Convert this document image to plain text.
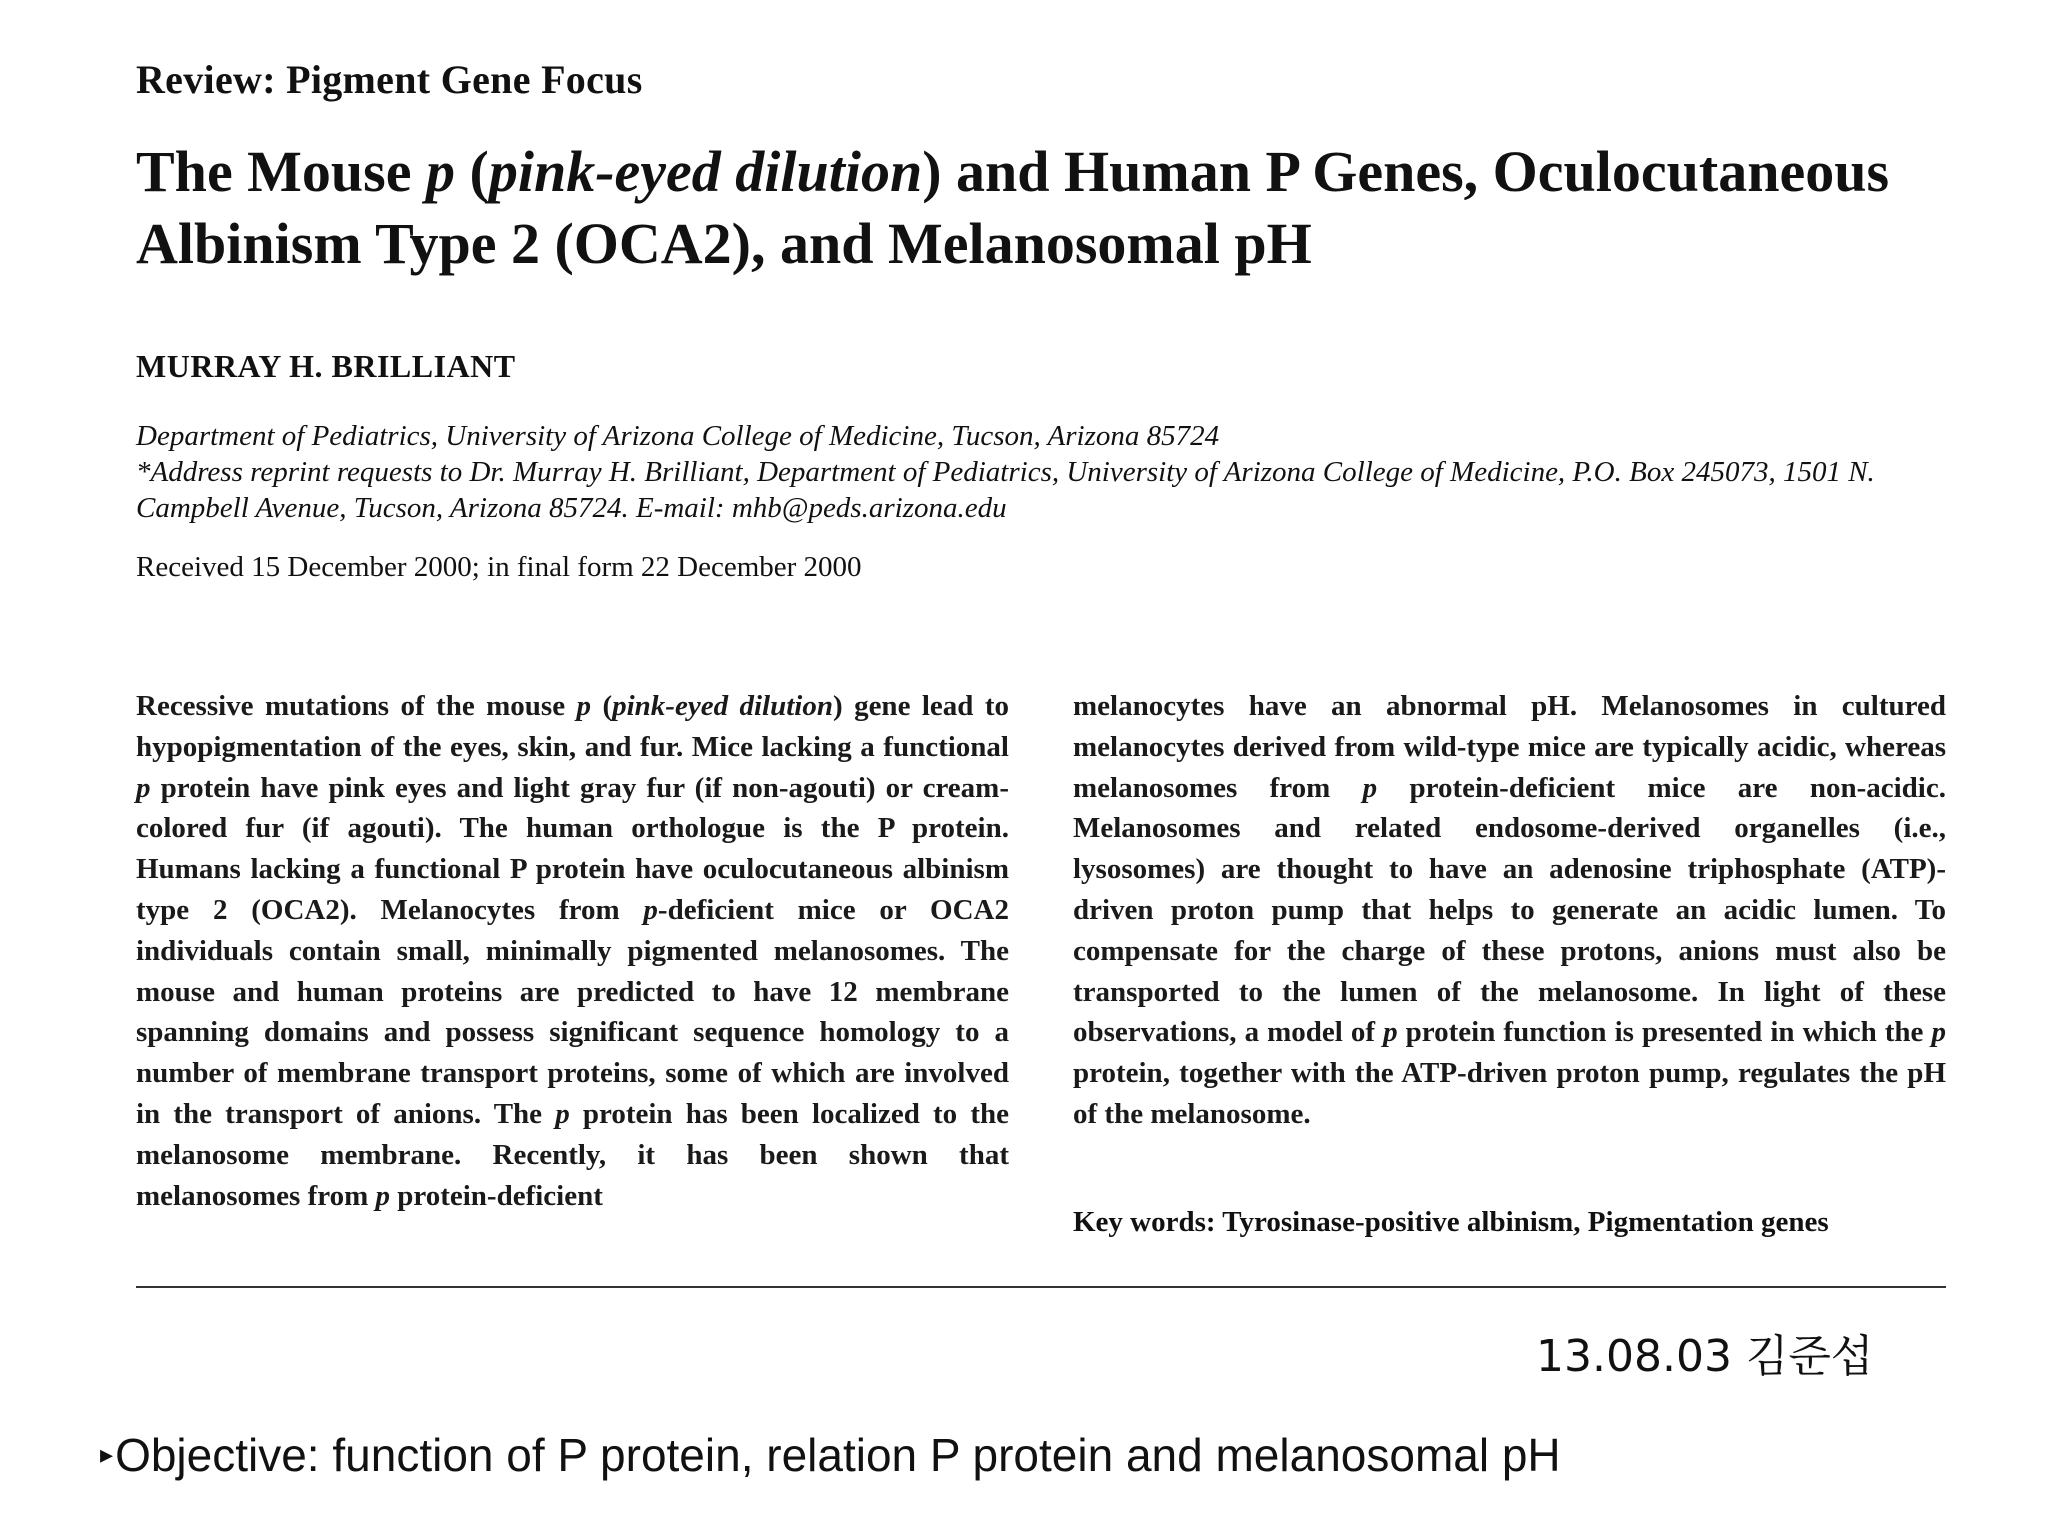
Review: Pigment Gene Focus
The Mouse p (pink-eyed dilution) and Human P Genes, Oculocutaneous Albinism Type 2 (OCA2), and Melanosomal pH
MURRAY H. BRILLIANT
Department of Pediatrics, University of Arizona College of Medicine, Tucson, Arizona 85724
*Address reprint requests to Dr. Murray H. Brilliant, Department of Pediatrics, University of Arizona College of Medicine, P.O. Box 245073, 1501 N. Campbell Avenue, Tucson, Arizona 85724. E-mail: mhb@peds.arizona.edu
Received 15 December 2000; in final form 22 December 2000
Recessive mutations of the mouse p (pink-eyed dilution) gene lead to hypopigmentation of the eyes, skin, and fur. Mice lacking a functional p protein have pink eyes and light gray fur (if non-agouti) or cream-colored fur (if agouti). The human orthologue is the P protein. Humans lacking a functional P protein have oculocutaneous albinism type 2 (OCA2). Melanocytes from p-deficient mice or OCA2 individuals contain small, minimally pigmented melanosomes. The mouse and human proteins are predicted to have 12 membrane spanning domains and possess significant sequence homology to a number of membrane transport proteins, some of which are involved in the transport of anions. The p protein has been localized to the melanosome membrane. Recently, it has been shown that melanosomes from p protein-deficient
melanocytes have an abnormal pH. Melanosomes in cultured melanocytes derived from wild-type mice are typically acidic, whereas melanosomes from p protein-deficient mice are non-acidic. Melanosomes and related endosome-derived organelles (i.e., lysosomes) are thought to have an adenosine triphosphate (ATP)-driven proton pump that helps to generate an acidic lumen. To compensate for the charge of these protons, anions must also be transported to the lumen of the melanosome. In light of these observations, a model of p protein function is presented in which the p protein, together with the ATP-driven proton pump, regulates the pH of the melanosome.
Key words: Tyrosinase-positive albinism, Pigmentation genes
13.08.03 김준섭
▸Objective: function of P protein, relation P protein and melanosomal pH
